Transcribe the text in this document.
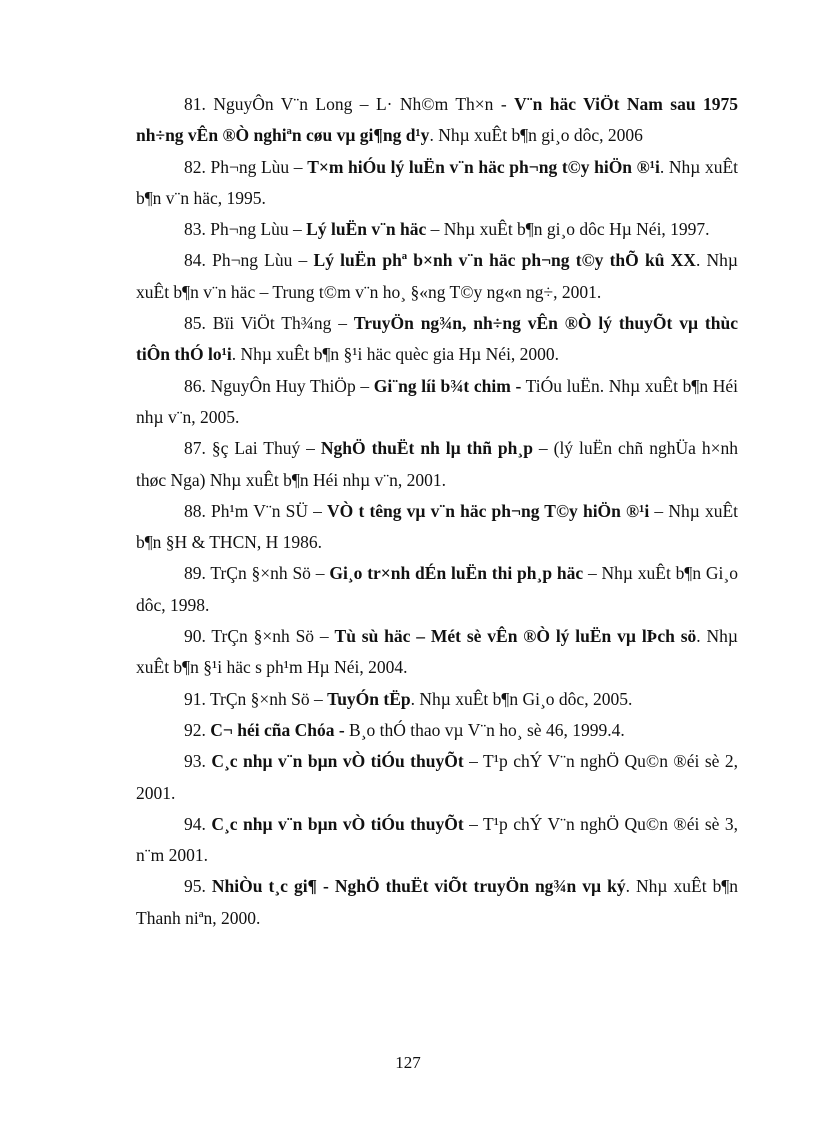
81. NguyÔn V¨n Long – L· Nh©m Th×n - V¨n häc ViÖt Nam sau 1975 nh÷ng vÊn ®Ò nghiªn cøu vµ gi¶ng d¹y. Nhµ xuÊt b¶n gi¸o dôc, 2006

82. Ph¬ng Lùu – T×m hiÓu lý luËn v¨n häc ph¬ng t©y hiÖn ®¹i. Nhµ xuÊt b¶n v¨n häc, 1995.

83. Ph¬ng Lùu – Lý luËn v¨n häc – Nhµ xuÊt b¶n gi¸o dôc Hµ Néi, 1997.

84. Ph¬ng Lùu – Lý luËn phª b×nh v¨n häc ph¬ng t©y thÕ kû XX. Nhµ xuÊt b¶n v¨n häc – Trung t©m v¨n ho¸ §«ng T©y ng«n ng÷, 2001.

85. Bïi ViÖt Th¾ng – TruyÖn ng¾n, nh÷ng vÊn ®Ò lý thuyÕt vµ thùc tiÔn thÓ lo¹i. Nhµ xuÊt b¶n §¹i häc quèc gia Hµ Néi, 2000.

86. NguyÔn Huy ThiÖp – Gi¨ng líi b¾t chim - TiÓu luËn. Nhµ xuÊt b¶n Héi nhµ v¨n, 2005.

87. §ç Lai Thuý – NghÖ thuËt nh lµ thñ ph¸p – (lý luËn chñ nghÜa h×nh thøc Nga) Nhµ xuÊt b¶n Héi nhµ v¨n, 2001.

88. Ph¹m V¨n SÜ – VÒ t têng vµ v¨n häc ph¬ng T©y hiÖn ®¹i – Nhµ xuÊt b¶n §H & THCN, H 1986.

89. TrÇn §×nh Sö – Gi¸o tr×nh dÉn luËn thi ph¸p häc – Nhµ xuÊt b¶n Gi¸o dôc, 1998.

90. TrÇn §×nh Sö – Tù sù häc – Mét sè vÊn ®Ò lý luËn vµ lÞch sö. Nhµ xuÊt b¶n §¹i häc s ph¹m Hµ Néi, 2004.

91. TrÇn §×nh Sö – TuyÓn tËp. Nhµ xuÊt b¶n Gi¸o dôc, 2005.

92. C¬ héi cña Chóa - B¸o thÓ thao vµ V¨n ho¸ sè 46, 1999.4.

93. C¸c nhµ v¨n bµn vÒ tiÓu thuyÕt – T¹p chÝ V¨n nghÖ Qu©n ®éi sè 2, 2001.

94. C¸c nhµ v¨n bµn vÒ tiÓu thuyÕt – T¹p chÝ V¨n nghÖ Qu©n ®éi sè 3, n¨m 2001.

95. NhiÒu t¸c gi¶ - NghÖ thuËt viÕt truyÖn ng¾n vµ ký. Nhµ xuÊt b¶n Thanh niªn, 2000.

127
